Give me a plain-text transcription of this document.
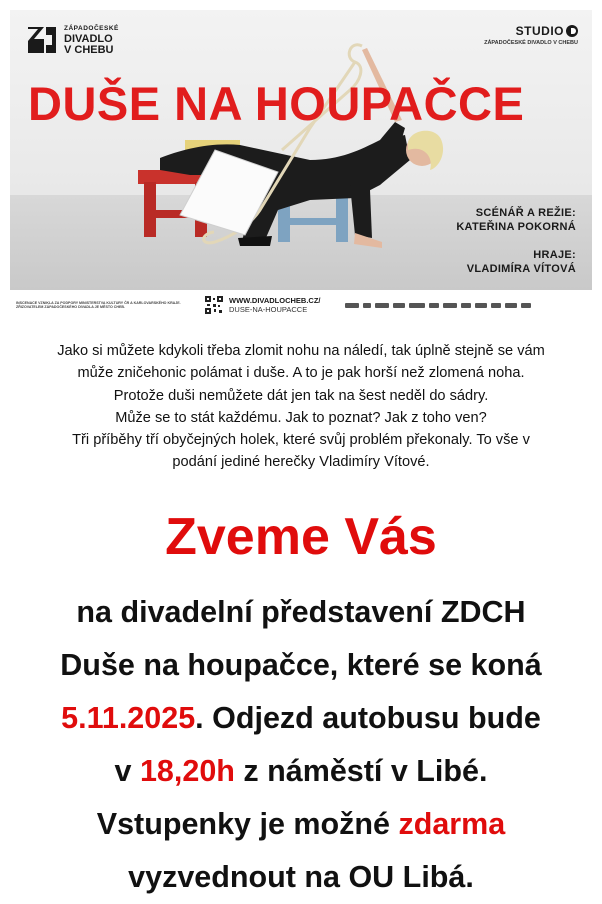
ZÁPADOČESKÉ
DIVADLO
V CHEBU
STUDIO
ZÁPADOČESKÉ DIVADLO V CHEBU
DUŠE NA HOUPAČCE
SCÉNÁŘ A REŽIE:
KATEŘINA POKORNÁ
HRAJE:
VLADIMÍRA VÍTOVÁ
INSCENACE VZNIKLA ZA PODPORY MINISTERSTVA KULTURY ČR A KARLOVARSKÉHO KRAJE.
ZŘIZOVATELEM ZÁPADOČESKÉHO DIVADLA JE MĚSTO CHEB.
WWW.DIVADLOCHEB.CZ/
DUSE-NA-HOUPACCE
Jako si můžete kdykoli třeba zlomit nohu na náledí, tak úplně stejně se vám
může zničehonic polámat i duše. A to je pak horší než zlomená noha.
Protože duši nemůžete dát jen tak na šest neděl do sádry.
Může se to stát každému. Jak to poznat? Jak z toho ven?
Tři příběhy tří obyčejných holek, které svůj problém překonaly. To vše v
podání jediné herečky Vladimíry Vítové.
Zveme Vás
na divadelní představení ZDCH
Duše na houpačce, které se koná
5.11.2025. Odjezd autobusu bude
v 18,20h z náměstí v Libé.
Vstupenky je možné zdarma
vyzvednout na OU Libá.
